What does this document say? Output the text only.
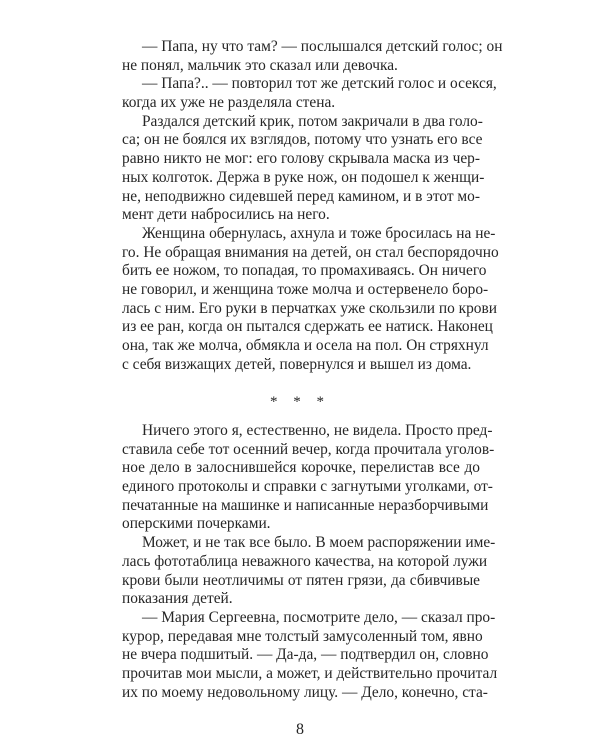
— Папа, ну что там? — послышался детский голос; он
не понял, мальчик это сказал или девочка.
— Папа?.. — повторил тот же детский голос и осекся,
когда их уже не разделяла стена.
Раздался детский крик, потом закричали в два голо-
са; он не боялся их взглядов, потому что узнать его все
равно никто не мог: его голову скрывала маска из чер-
ных колготок. Держа в руке нож, он подошел к женщи-
не, неподвижно сидевшей перед камином, и в этот мо-
мент дети набросились на него.
Женщина обернулась, ахнула и тоже бросилась на не-
го. Не обращая внимания на детей, он стал беспорядочно
бить ее ножом, то попадая, то промахиваясь. Он ничего
не говорил, и женщина тоже молча и остервенело боро-
лась с ним. Его руки в перчатках уже скользили по крови
из ее ран, когда он пытался сдержать ее натиск. Наконец
она, так же молча, обмякла и осела на пол. Он стряхнул
с себя визжащих детей, повернулся и вышел из дома.
* * *
Ничего этого я, естественно, не видела. Просто пред-
ставила себе тот осенний вечер, когда прочитала уголов-
ное дело в залоснившейся корочке, перелистав все до
единого протоколы и справки с загнутыми уголками, от-
печатанные на машинке и написанные неразборчивыми
оперскими почерками.
Может, и не так все было. В моем распоряжении име-
лась фототаблица неважного качества, на которой лужи
крови были неотличимы от пятен грязи, да сбивчивые
показания детей.
— Мария Сергеевна, посмотрите дело, — сказал про-
курор, передавая мне толстый замусоленный том, явно
не вчера подшитый. — Да-да, — подтвердил он, словно
прочитав мои мысли, а может, и действительно прочитал
их по моему недовольному лицу. — Дело, конечно, ста-
8
